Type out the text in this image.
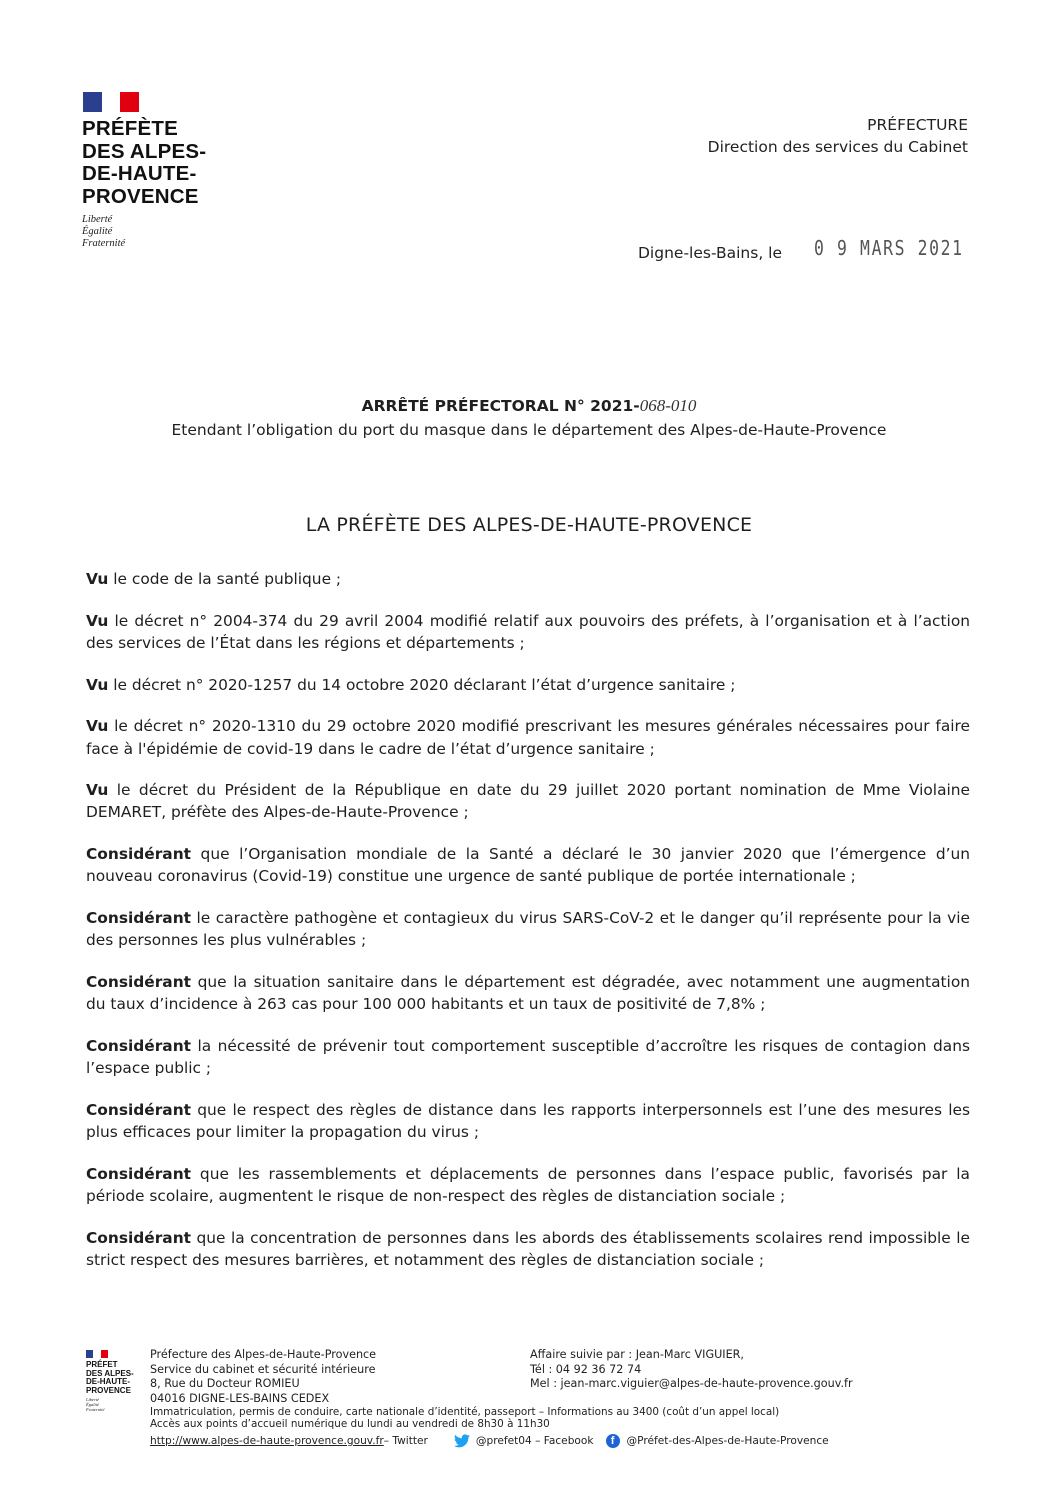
PRÉFÈTE
DES ALPES-
DE-HAUTE-
PROVENCE
Liberté
Égalité
Fraternité
PRÉFECTURE
Direction des services du Cabinet
Digne-les-Bains, le 0 9 MARS 2021
ARRÊTÉ PRÉFECTORAL N° 2021-068-010
Etendant l’obligation du port du masque dans le département des Alpes-de-Haute-Provence
LA PRÉFÈTE DES ALPES-DE-HAUTE-PROVENCE

Vu le code de la santé publique ;

Vu le décret n° 2004-374 du 29 avril 2004 modifié relatif aux pouvoirs des préfets, à l’organisation et à l’action des services de l’État dans les régions et départements ;

Vu le décret n° 2020-1257 du 14 octobre 2020 déclarant l’état d’urgence sanitaire ;

Vu le décret n° 2020-1310 du 29 octobre 2020 modifié prescrivant les mesures générales nécessaires pour faire face à l'épidémie de covid-19 dans le cadre de l’état d’urgence sanitaire ;

Vu le décret du Président de la République en date du 29 juillet 2020 portant nomination de Mme Violaine DEMARET, préfète des Alpes-de-Haute-Provence ;

Considérant que l’Organisation mondiale de la Santé a déclaré le 30 janvier 2020 que l’émergence d’un nouveau coronavirus (Covid-19) constitue une urgence de santé publique de portée internationale ;

Considérant le caractère pathogène et contagieux du virus SARS-CoV-2 et le danger qu’il représente pour la vie des personnes les plus vulnérables ;

Considérant que la situation sanitaire dans le département est dégradée, avec notamment une augmentation du taux d’incidence à 263 cas pour 100 000 habitants et un taux de positivité de 7,8% ;

Considérant la nécessité de prévenir tout comportement susceptible d’accroître les risques de contagion dans l’espace public ;

Considérant que le respect des règles de distance dans les rapports interpersonnels est l’une des mesures les plus efficaces pour limiter la propagation du virus ;

Considérant que les rassemblements et déplacements de personnes dans l’espace public, favorisés par la période scolaire, augmentent le risque de non-respect des règles de distanciation sociale ;

Considérant que la concentration de personnes dans les abords des établissements scolaires rend impossible le strict respect des mesures barrières, et notamment des règles de distanciation sociale ;

PRÉFET
DES ALPES-
DE-HAUTE-
PROVENCE
Liberté
Égalité
Fraternité
Préfecture des Alpes-de-Haute-Provence
Service du cabinet et sécurité intérieure
8, Rue du Docteur ROMIEU
04016 DIGNE-LES-BAINS CEDEX
Affaire suivie par : Jean-Marc VIGUIER,
Tél : 04 92 36 72 74
Mel : jean-marc.viguier@alpes-de-haute-provence.gouv.fr
Immatriculation, permis de conduire, carte nationale d’identité, passeport – Informations au 3400 (coût d’un appel local)
Accès aux points d’accueil numérique du lundi au vendredi de 8h30 à 11h30
http://www.alpes-de-haute-provence.gouv.fr – Twitter	@prefet04 – Facebook	f	@Préfet-des-Alpes-de-Haute-Provence
